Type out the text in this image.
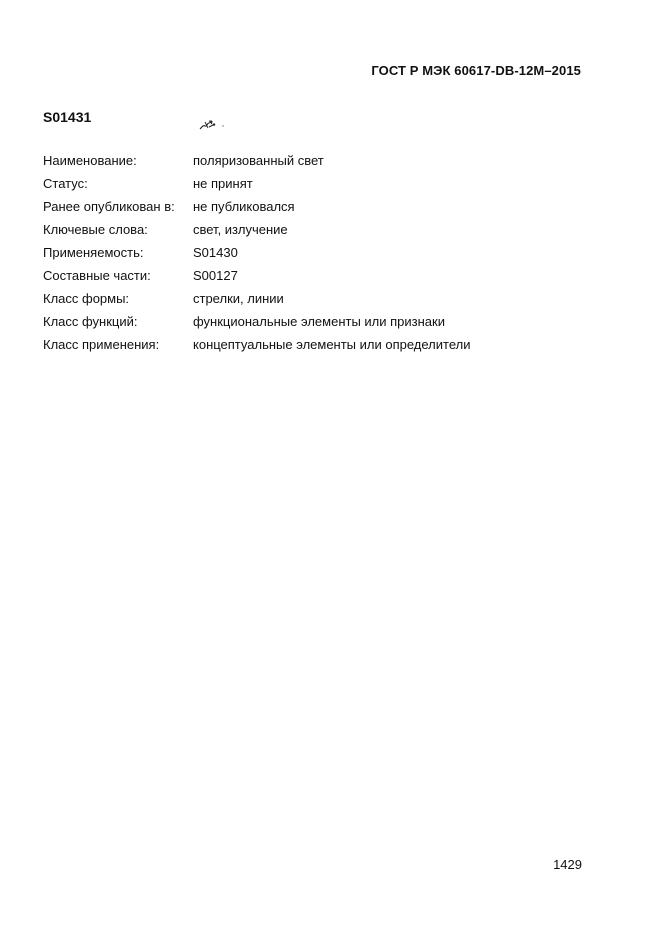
ГОСТ Р МЭК 60617-DB-12M–2015
S01431
Наименование:	поляризованный свет
Статус:	не принят
Ранее опубликован в:	не публиковался
Ключевые слова:	свет, излучение
Применяемость:	S01430
Составные части:	S00127
Класс формы:	стрелки, линии
Класс функций:	функциональные элементы или признаки
Класс применения:	концептуальные элементы или определители
1429
